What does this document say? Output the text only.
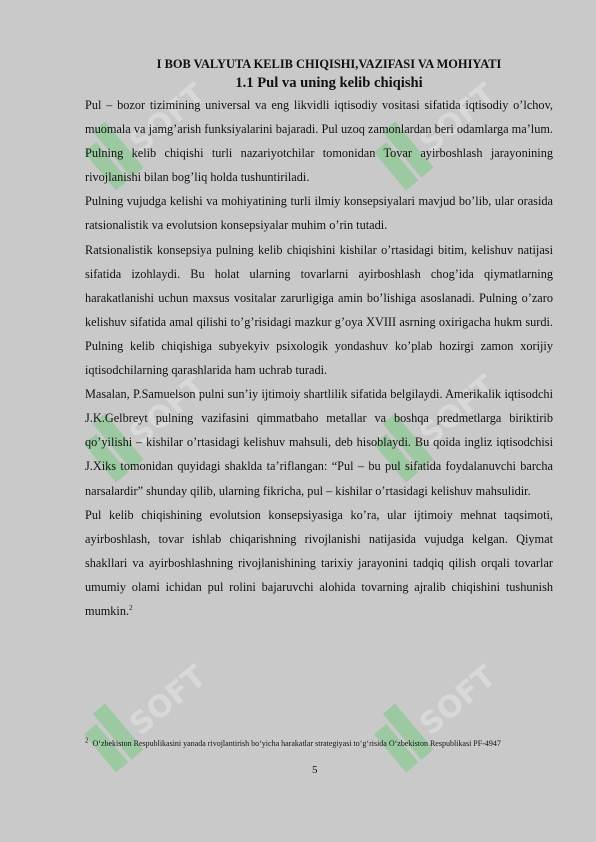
SOFT	SOFT
SOFT	SOFT
SOFT	SOFT

I BOB VALYUTA KELIB CHIQISHI,VAZIFASI VA MOHIYATI

1.1 Pul va uning kelib chiqishi

Pul – bozor tizimining universal va eng likvidli iqtisodiy vositasi sifatida iqtisodiy o’lchov, muomala va jamg’arish funksiyalarini bajaradi. Pul uzoq zamonlardan beri odamlarga ma’lum. Pulning kelib chiqishi turli nazariyotchilar tomonidan Tovar ayirboshlash jarayonining rivojlanishi bilan bog’liq holda tushuntiriladi.

Pulning vujudga kelishi va mohiyatining turli ilmiy konsepsiyalari mavjud bo’lib, ular orasida ratsionalistik va evolutsion konsepsiyalar muhim o’rin tutadi.

Ratsionalistik konsepsiya pulning kelib chiqishini kishilar o’rtasidagi bitim, kelishuv natijasi sifatida izohlaydi. Bu holat ularning tovarlarni ayirboshlash chog’ida qiymatlarning harakatlanishi uchun maxsus vositalar zarurligiga amin bo’lishiga asoslanadi. Pulning o’zaro kelishuv sifatida amal qilishi to’g’risidagi mazkur g’oya XVIII asrning oxirigacha hukm surdi. Pulning kelib chiqishiga subyekyiv psixologik yondashuv ko’plab hozirgi zamon xorijiy iqtisodchilarning qarashlarida ham uchrab turadi.

Masalan, P.Samuelson pulni sun’iy ijtimoiy shartlilik sifatida belgilaydi. Amerikalik iqtisodchi J.K.Gelbreyt pulning vazifasini qimmatbaho metallar va boshqa predmetlarga biriktirib qo’yilishi – kishilar o’rtasidagi kelishuv mahsuli, deb hisoblaydi. Bu qoida ingliz iqtisodchisi J.Xiks tomonidan quyidagi shaklda ta’riflangan: “Pul – bu pul sifatida foydalanuvchi barcha narsalardir” shunday qilib, ularning fikricha, pul – kishilar o’rtasidagi kelishuv mahsulidir.

Pul kelib chiqishining evolutsion konsepsiyasiga ko’ra, ular ijtimoiy mehnat taqsimoti, ayirboshlash, tovar ishlab chiqarishning rivojlanishi natijasida vujudga kelgan. Qiymat shakllari va ayirboshlashning rivojlanishining tarixiy jarayonini tadqiq qilish orqali tovarlar umumiy olami ichidan pul rolini bajaruvchi alohida tovarning ajralib chiqishini tushunish mumkin.$^2$

$^2$ O‘zbekiston Respublikasini yanada rivojlantirish bo‘yicha harakatlar strategiyasi to‘g‘risida O‘zbekiston Respublikasi PF-4947

5
